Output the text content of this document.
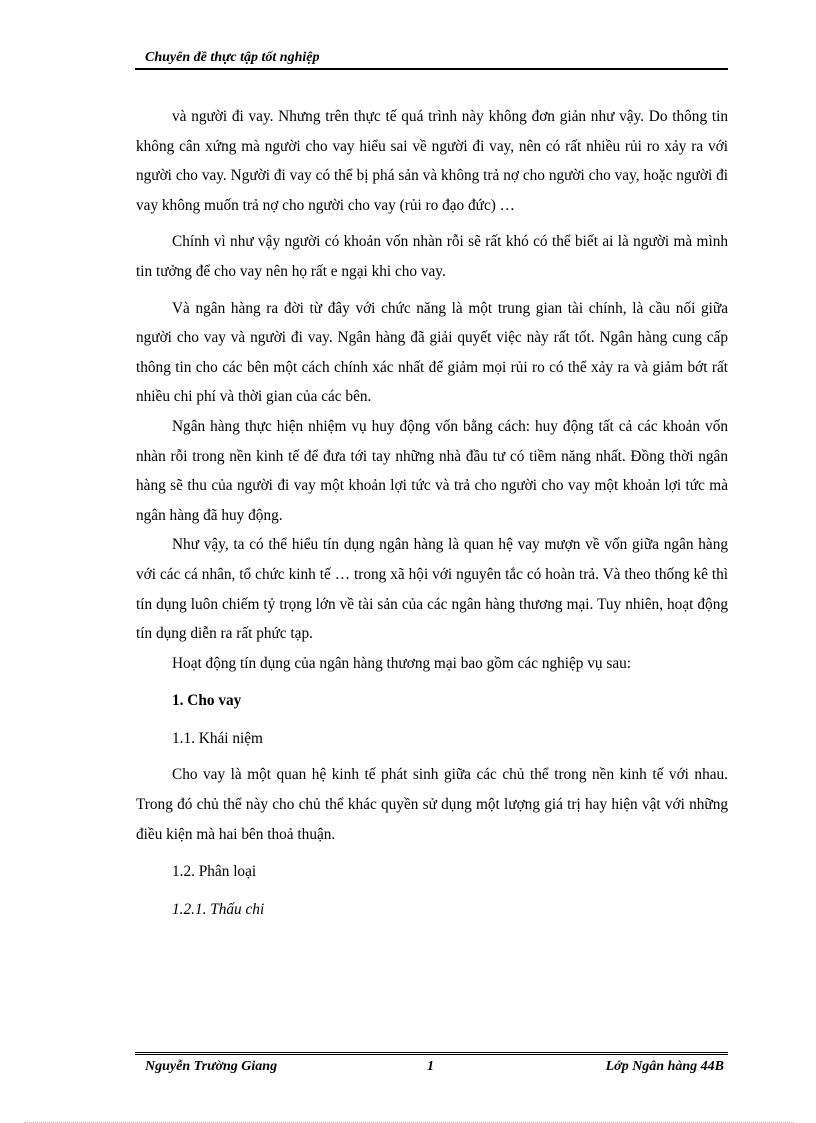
Chuyên đề thực tập tốt nghiệp

và người đi vay. Nhưng trên thực tế quá trình này không đơn giản như vậy. Do thông tin không cân xứng mà người cho vay hiểu sai về người đi vay, nên có rất nhiều rủi ro xảy ra với người cho vay. Người đi vay có thể bị phá sản và không trả nợ cho người cho vay, hoặc người đi vay không muốn trả nợ cho người cho vay (rủi ro đạo đức) …

Chính vì như vậy người có khoản vốn nhàn rỗi sẽ rất khó có thể biết ai là người mà mình tin tưởng để cho vay nên họ rất e ngại khi cho vay.

Và ngân hàng ra đời từ đây với chức năng là một trung gian tài chính, là cầu nối giữa người cho vay và người đi vay. Ngân hàng đã giải quyết việc này rất tốt. Ngân hàng cung cấp thông tin cho các bên một cách chính xác nhất để giảm mọi rủi ro có thể xảy ra và giảm bớt rất nhiều chi phí và thời gian của các bên.

Ngân hàng thực hiện nhiệm vụ huy động vốn bằng cách: huy động tất cả các khoản vốn nhàn rỗi trong nền kinh tế để đưa tới tay những nhà đầu tư có tiềm năng nhất. Đồng thời ngân hàng sẽ thu của người đi vay một khoản lợi tức và trả cho người cho vay một khoản lợi tức mà ngân hàng đã huy động.

Như vậy, ta có thể hiểu tín dụng ngân hàng là quan hệ vay mượn về vốn giữa ngân hàng với các cá nhân, tổ chức kinh tế … trong xã hội với nguyên tắc có hoàn trả. Và theo thống kê thì tín dụng luôn chiếm tỷ trọng lớn về tài sản của các ngân hàng thương mại. Tuy nhiên, hoạt động tín dụng diễn ra rất phức tạp.

Hoạt động tín dụng của ngân hàng thương mại bao gồm các nghiệp vụ sau:

1. Cho vay
1.1. Khái niệm

Cho vay là một quan hệ kinh tế phát sinh giữa các chủ thể trong nền kinh tế với nhau. Trong đó chủ thể này cho chủ thể khác quyền sử dụng một lượng giá trị hay hiện vật với những điều kiện mà hai bên thoả thuận.

1.2. Phân loại
1.2.1. Thấu chi
Nguyễn Trường Giang	1	Lớp Ngân hàng 44B
